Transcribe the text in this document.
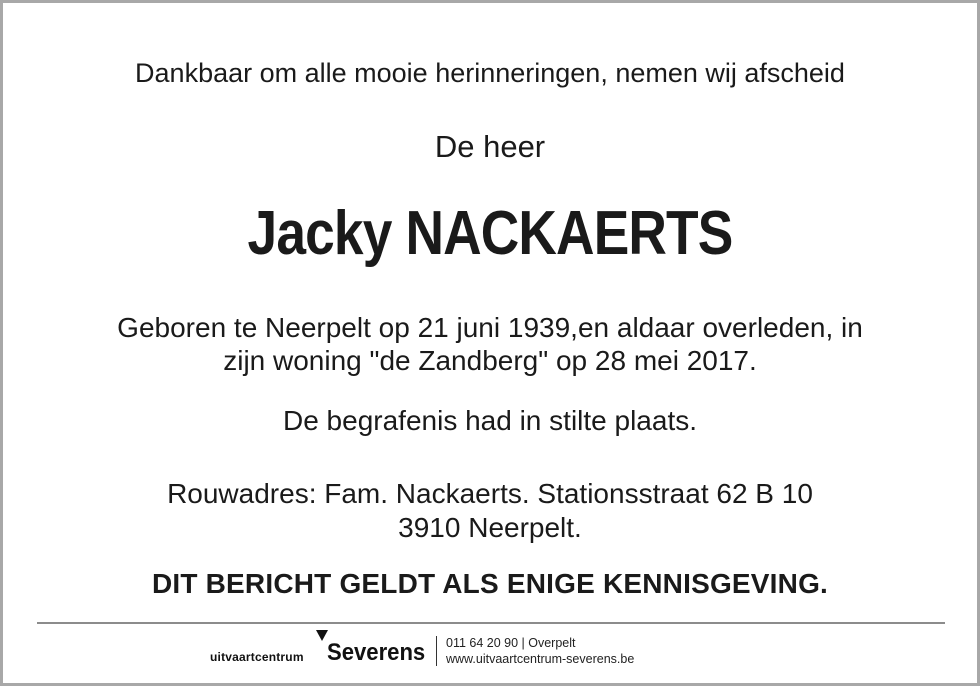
Dankbaar om alle mooie herinneringen, nemen wij afscheid
De heer
Jacky NACKAERTS
Geboren te Neerpelt op 21 juni 1939,en aldaar overleden, in
zijn woning "de Zandberg" op 28 mei 2017.
De begrafenis had in stilte plaats.
Rouwadres: Fam. Nackaerts. Stationsstraat 62 B 10
3910 Neerpelt.
DIT BERICHT GELDT ALS ENIGE KENNISGEVING.
uitvaartcentrum Severens 011 64 20 90 | Overpelt
www.uitvaartcentrum-severens.be
